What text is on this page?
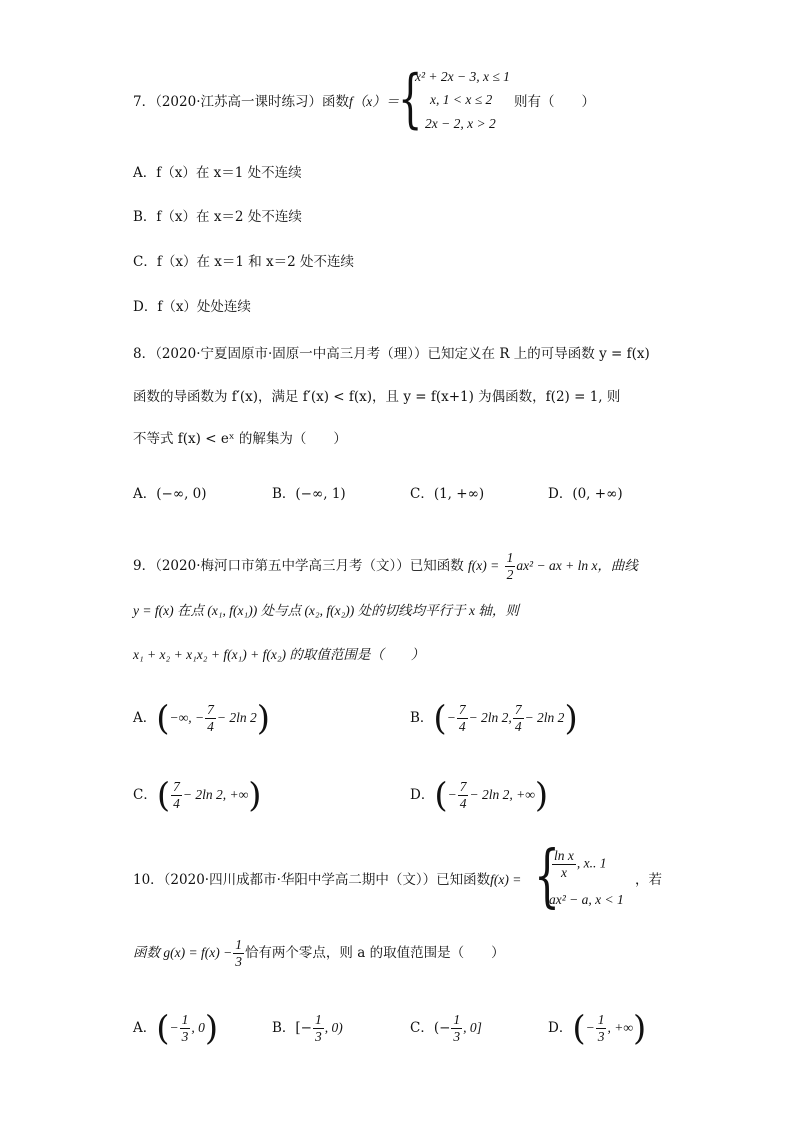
7．（2020·江苏高一课时练习）函数f（x）＝
{
x² + 2x − 3, x ≤ 1
x, 1 < x ≤ 2
2x − 2, x > 2
则有（　　）
A．f（x）在 x＝1 处不连续
B．f（x）在 x＝2 处不连续
C．f（x）在 x＝1 和 x＝2 处不连续
D．f（x）处处连续
8．（2020·宁夏固原市·固原一中高三月考（理））已知定义在 R 上的可导函数 y = f(x)
函数的导函数为 f′(x)，满足 f′(x) < f(x)，且 y = f(x+1) 为偶函数，f(2) = 1, 则
不等式 f(x) < eˣ 的解集为（　　）
A．(−∞, 0)	B．(−∞, 1)	C．(1, +∞)	D．(0, +∞)
9．（2020·梅河口市第五中学高三月考（文））已知函数 $f(x) = \frac{1}{2} ax^2$ − ax + ln x，曲线
y = f(x) 在点 (x₁, f(x₁)) 处与点 (x₂, f(x₂)) 处的切线均平行于 x 轴，则
x₁ + x₂ + x₁x₂ + f(x₁) + f(x₂) 的取值范围是（　　）
A．(−∞, − $\frac{7}{4} - 2\ln$ 2)	B．(− $\frac{7}{4} - 2\ln$ 2, $\frac{7}{4} - 2\ln$ 2)
C．( $\frac{7}{4} - 2\ln$ 2, +∞)	D．(− $\frac{7}{4} - 2\ln$ 2, +∞)
10．（2020·四川成都市·华阳中学高二期中（文））已知函数f(x) = {
$\frac{\text{ln x}}{x}$ , x.. 1
ax² − a, x < 1
，若
函数 $g(x) = f(x) - \frac{1}{3}$ 恰有两个零点，则 a 的取值范围是（　　）
A．(− $\frac{1}{3}$ , 0)	B．[− $\frac{1}{3}$ , 0)	C．(− $\frac{1}{3}$ , 0]	D．(− $\frac{1}{3}$ , +∞)
